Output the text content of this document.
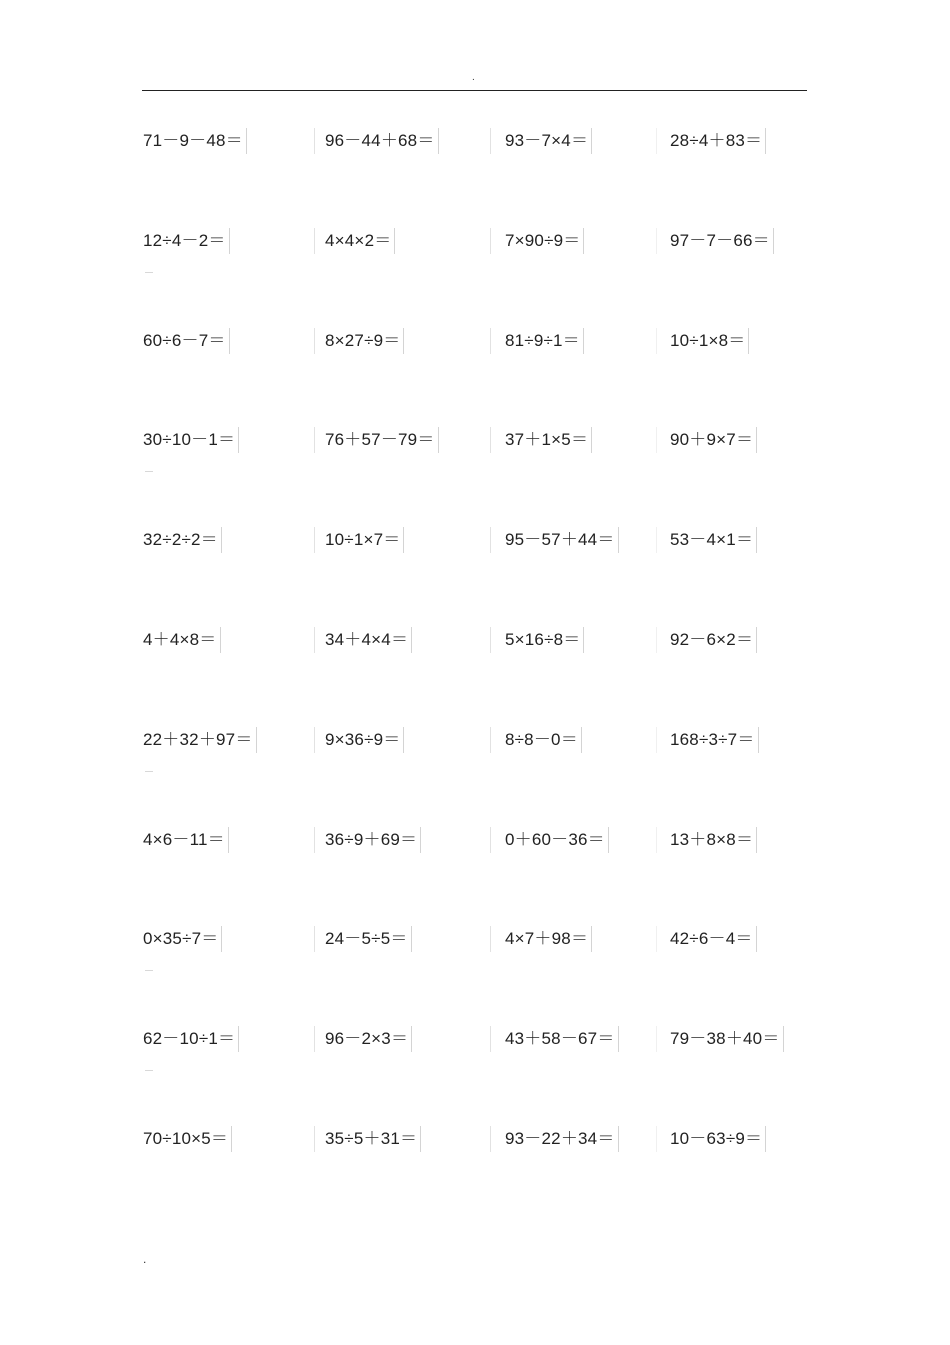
.
71－9－48＝	96－44＋68＝	93－7×4＝	28÷4＋83＝
12÷4－2＝	4×4×2＝	7×90÷9＝	97－7－66＝
60÷6－7＝	8×27÷9＝	81÷9÷1＝	10÷1×8＝
30÷10－1＝	76＋57－79＝	37＋1×5＝	90＋9×7＝
32÷2÷2＝	10÷1×7＝	95－57＋44＝	53－4×1＝
4＋4×8＝	34＋4×4＝	5×16÷8＝	92－6×2＝
22＋32＋97＝	9×36÷9＝	8÷8－0＝	168÷3÷7＝
4×6－11＝	36÷9＋69＝	0＋60－36＝	13＋8×8＝
0×35÷7＝	24－5÷5＝	4×7＋98＝	42÷6－4＝
62－10÷1＝	96－2×3＝	43＋58－67＝	79－38＋40＝
70÷10×5＝	35÷5＋31＝	93－22＋34＝	10－63÷9＝
.
